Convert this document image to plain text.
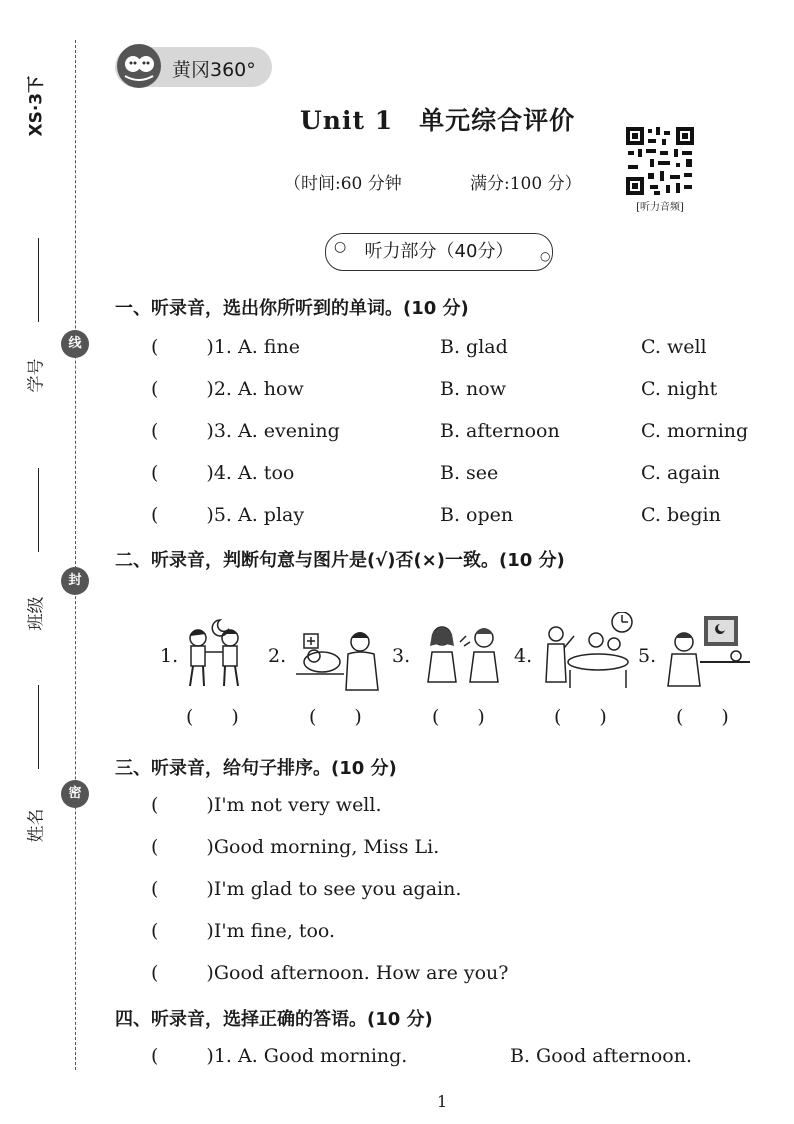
XS·3下
线
封
密
学号
班级
姓名
黄冈360°
Unit 1　单元综合评价
（时间:60 分钟	满分:100 分）
[听力音频]
听力部分（40分）
○
○
一、听录音，选出你所听到的单词。(10 分)
(	)1. A. fine	B. glad	C. well
(	)2. A. how	B. now	C. night
(	)3. A. evening	B. afternoon	C. morning
(	)4. A. too	B. see	C. again
(	)5. A. play	B. open	C. begin
二、听录音，判断句意与图片是(√)否(×)一致。(10 分)
1.	2.	3.	4.	5.
(　　)	(　　)	(　　)	(　　)	(　　)
三、听录音，给句子排序。(10 分)
(	)I'm not very well.
(	)Good morning, Miss Li.
(	)I'm glad to see you again.
(	)I'm fine, too.
(	)Good afternoon. How are you?
四、听录音，选择正确的答语。(10 分)
(	)1. A. Good morning.	B. Good afternoon.
1
